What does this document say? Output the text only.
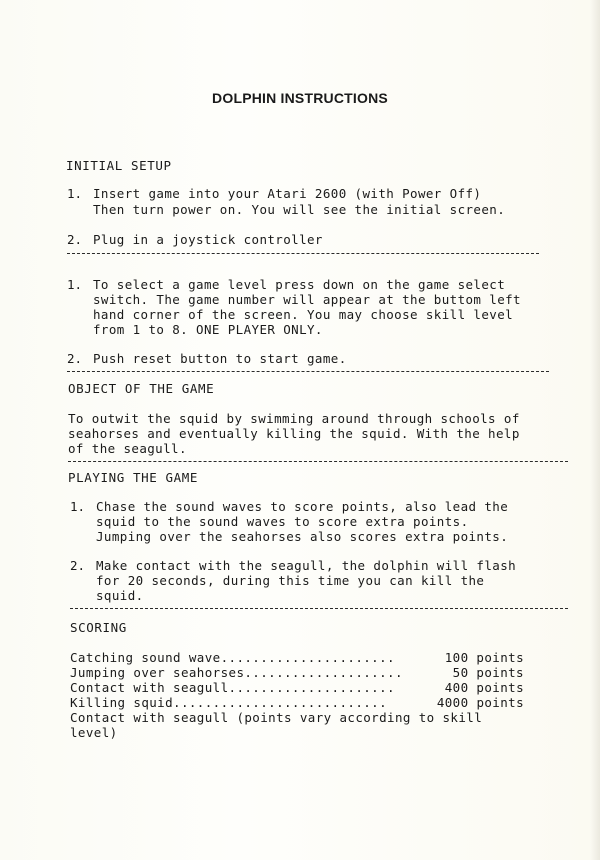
DOLPHIN INSTRUCTIONS
INITIAL SETUP
1. Insert game into your Atari 2600 (with Power Off)
Then turn power on. You will see the initial screen.
2. Plug in a joystick controller
1. To select a game level press down on the game select
switch. The game number will appear at the buttom left
hand corner of the screen. You may choose skill level
from 1 to 8. ONE PLAYER ONLY.
2. Push reset button to start game.
OBJECT OF THE GAME
To outwit the squid by swimming around through schools of
seahorses and eventually killing the squid. With the help
of the seagull.
PLAYING THE GAME
1. Chase the sound waves to score points, also lead the
squid to the sound waves to score extra points.
Jumping over the seahorses also scores extra points.
2. Make contact with the seagull, the dolphin will flash
for 20 seconds, during this time you can kill the
squid.
SCORING

Catching sound wave......................

	100 points

Jumping over seahorses....................

	50 points

Contact with seagull.....................

	400 points

Killing squid...........................

	4000 points

Contact with seagull (points vary according to skill
level)
